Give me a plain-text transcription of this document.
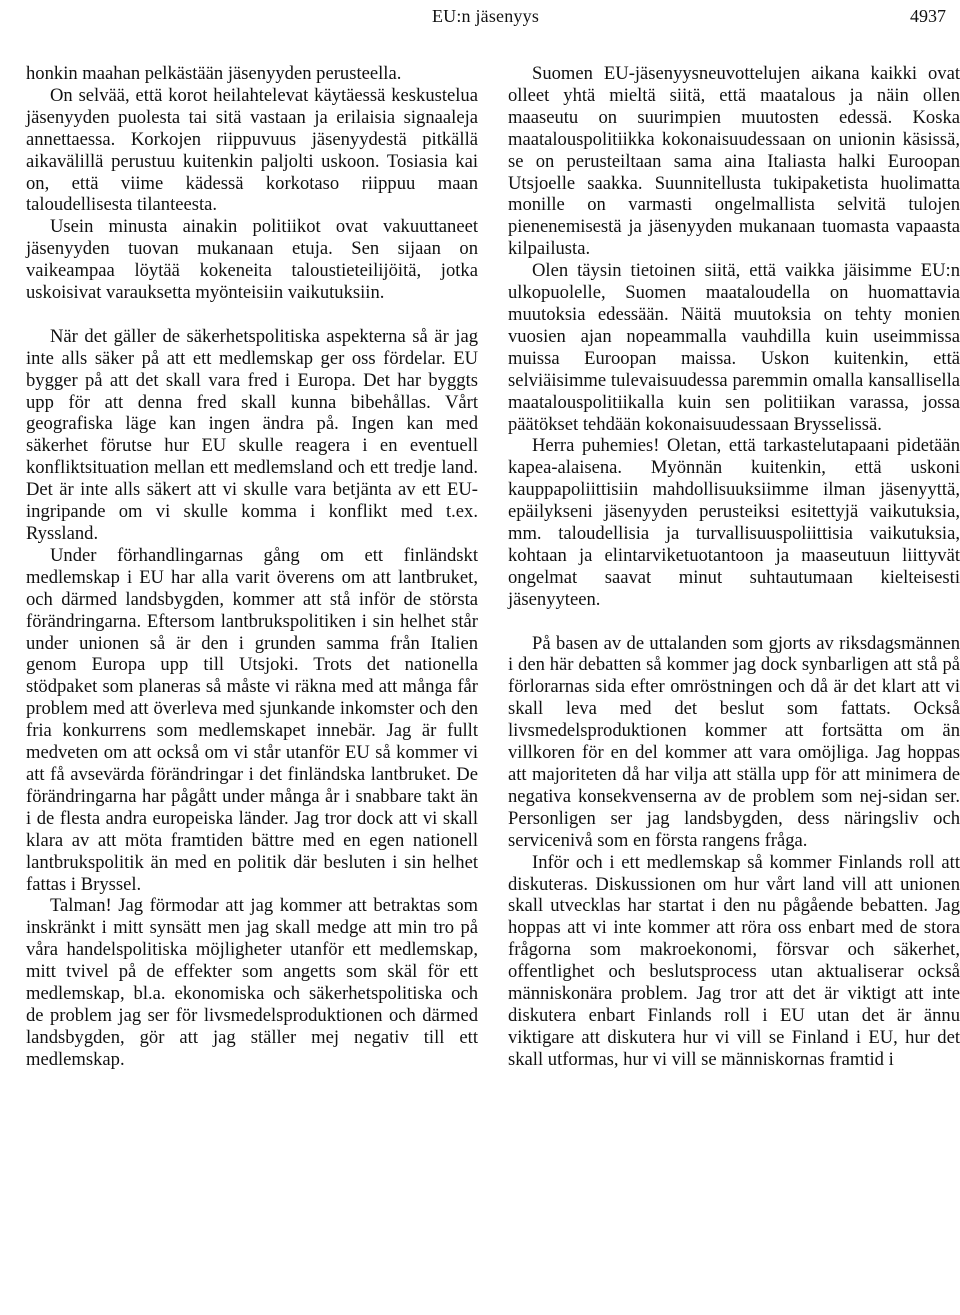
EU:n jäsenyys	4937

honkin maahan pelkästään jäsenyyden perusteella.

On selvää, että korot heilahtelevat käytäessä keskustelua jäsenyyden puolesta tai sitä vastaan ja erilaisia signaaleja annettaessa. Korkojen riippuvuus jäsenyydestä pitkällä aikavälillä perustuu kuitenkin paljolti uskoon. Tosiasia kai on, että viime kädessä korkotaso riippuu maan taloudellisesta tilanteesta.

Usein minusta ainakin politiikot ovat vakuuttaneet jäsenyyden tuovan mukanaan etuja. Sen sijaan on vaikeampaa löytää kokeneita taloustieteilijöitä, jotka uskoisivat varauksetta myönteisiin vaikutuksiin.

När det gäller de säkerhetspolitiska aspekterna så är jag inte alls säker på att ett medlemskap ger oss fördelar. EU bygger på att det skall vara fred i Europa. Det har byggts upp för att denna fred skall kunna bibehållas. Vårt geografiska läge kan ingen ändra på. Ingen kan med säkerhet förutse hur EU skulle reagera i en eventuell konfliktsituation mellan ett medlemsland och ett tredje land. Det är inte alls säkert att vi skulle vara betjänta av ett EU-ingripande om vi skulle komma i konflikt med t.ex. Ryssland.

Under förhandlingarnas gång om ett finländskt medlemskap i EU har alla varit överens om att lantbruket, och därmed landsbygden, kommer att stå inför de största förändringarna. Eftersom lantbrukspolitiken i sin helhet står under unionen så är den i grunden samma från Italien genom Europa upp till Utsjoki. Trots det nationella stödpaket som planeras så måste vi räkna med att många får problem med att överleva med sjunkande inkomster och den fria konkurrens som medlemskapet innebär. Jag är fullt medveten om att också om vi står utanför EU så kommer vi att få avsevärda förändringar i det finländska lantbruket. De förändringarna har pågått under många år i snabbare takt än i de flesta andra europeiska länder. Jag tror dock att vi skall klara av att möta framtiden bättre med en egen nationell lantbrukspolitik än med en politik där besluten i sin helhet fattas i Bryssel.

Talman! Jag förmodar att jag kommer att betraktas som inskränkt i mitt synsätt men jag skall medge att min tro på våra handelspolitiska möjligheter utanför ett medlemskap, mitt tvivel på de effekter som angetts som skäl för ett medlemskap, bl.a. ekonomiska och säkerhetspolitiska och de problem jag ser för livsmedelsproduktionen och därmed landsbygden, gör att jag ställer mej negativ till ett medlemskap.

Suomen EU-jäsenyysneuvottelujen aikana kaikki ovat olleet yhtä mieltä siitä, että maatalous ja näin ollen maaseutu on suurimpien muutosten edessä. Koska maatalouspolitiikka kokonaisuudessaan on unionin käsissä, se on perusteiltaan sama aina Italiasta halki Euroopan Utsjoelle saakka. Suunnitellusta tukipaketista huolimatta monille on varmasti ongelmallista selvitä tulojen pienenemisestä ja jäsenyyden mukanaan tuomasta vapaasta kilpailusta.

Olen täysin tietoinen siitä, että vaikka jäisimme EU:n ulkopuolelle, Suomen maataloudella on huomattavia muutoksia edessään. Näitä muutoksia on tehty monien vuosien ajan nopeammalla vauhdilla kuin useimmissa muissa Euroopan maissa. Uskon kuitenkin, että selviäisimme tulevaisuudessa paremmin omalla kansallisella maatalouspolitiikalla kuin sen politiikan varassa, jossa päätökset tehdään kokonaisuudessaan Brysselissä.

Herra puhemies! Oletan, että tarkastelutapaani pidetään kapea-alaisena. Myönnän kuitenkin, että uskoni kauppapoliittisiin mahdollisuuksiimme ilman jäsenyyttä, epäilykseni jäsenyyden perusteiksi esitettyjä vaikutuksia, mm. taloudellisia ja turvallisuuspoliittisia vaikutuksia, kohtaan ja elintarviketuotantoon ja maaseutuun liittyvät ongelmat saavat minut suhtautumaan kielteisesti jäsenyyteen.

På basen av de uttalanden som gjorts av riksdagsmännen i den här debatten så kommer jag dock synbarligen att stå på förlorarnas sida efter omröstningen och då är det klart att vi skall leva med det beslut som fattats. Också livsmedelsproduktionen kommer att fortsätta om än villkoren för en del kommer att vara omöjliga. Jag hoppas att majoriteten då har vilja att ställa upp för att minimera de negativa konsekvenserna av de problem som nej-sidan ser. Personligen ser jag landsbygden, dess näringsliv och servicenivå som en första rangens fråga.

Inför och i ett medlemskap så kommer Finlands roll att diskuteras. Diskussionen om hur vårt land vill att unionen skall utvecklas har startat i den nu pågående bebatten. Jag hoppas att vi inte kommer att röra oss enbart med de stora frågorna som makroekonomi, försvar och säkerhet, offentlighet och beslutsprocess utan aktualiserar också människonära problem. Jag tror att det är viktigt att inte diskutera enbart Finlands roll i EU utan det är ännu viktigare att diskutera hur vi vill se Finland i EU, hur det skall utformas, hur vi vill se människornas framtid i
